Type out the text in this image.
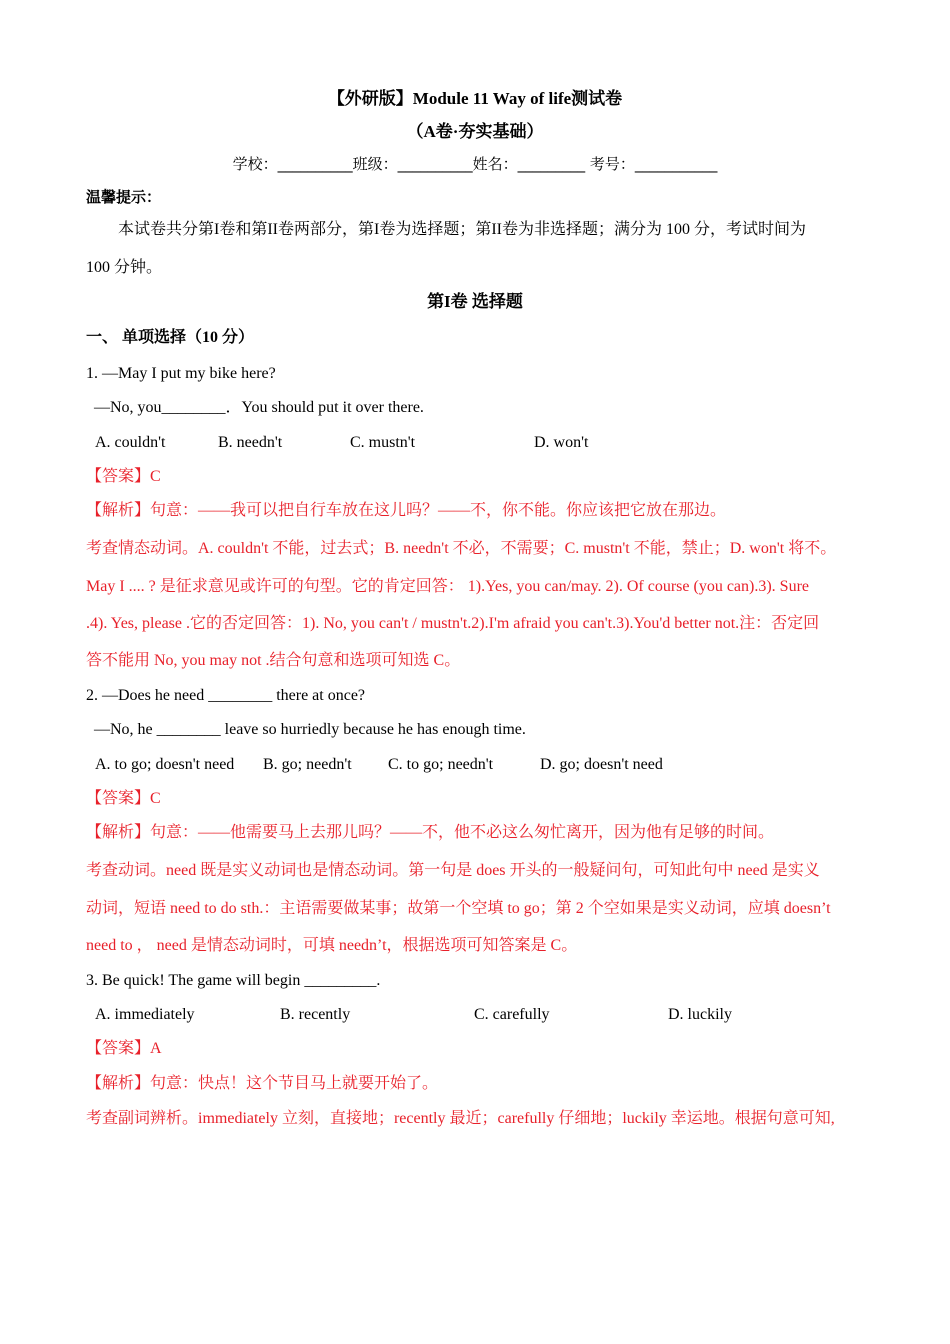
【外研版】Module 11 Way of life测试卷
（A卷·夯实基础）
学校：__________班级：__________姓名：_________ 考号：___________
温馨提示：
本试卷共分第I卷和第II卷两部分，第I卷为选择题；第II卷为非选择题；满分为 100 分，考试时间为
100 分钟。
第I卷 选择题
一、 单项选择（10 分）
1. —May I put my bike here?
—No, you________．You should put it over there.
A. couldn't	B. needn't	C. mustn't	D. won't
【答案】C
【解析】句意：——我可以把自行车放在这儿吗？——不，你不能。你应该把它放在那边。
考查情态动词。A. couldn't 不能，过去式；B. needn't 不必，不需要；C. mustn't 不能，禁止；D. won't 将不。
May I .... ? 是征求意见或许可的句型。它的肯定回答： 1).Yes, you can/may. 2). Of course (you can).3). Sure
.4). Yes, please .它的否定回答：1). No, you can't / mustn't.2).I'm afraid you can't.3).You'd better not.注：否定回
答不能用 No, you may not .结合句意和选项可知选 C。
2. —Does he need ________ there at once?
—No, he ________ leave so hurriedly because he has enough time.
A. to go; doesn't need B. go; needn't C. to go; needn't	D. go; doesn't need
【答案】C
【解析】句意：——他需要马上去那儿吗？——不，他不必这么匆忙离开，因为他有足够的时间。
考查动词。need 既是实义动词也是情态动词。第一句是 does 开头的一般疑问句，可知此句中 need 是实义
动词，短语 need to do sth.：主语需要做某事；故第一个空填 to go；第 2 个空如果是实义动词，应填 doesn’t
need to ， need 是情态动词时，可填 needn’t，根据选项可知答案是 C。
3. Be quick! The game will begin _________.
A. immediately	B. recently	C. carefully	D. luckily
【答案】A
【解析】句意：快点！这个节目马上就要开始了。
考查副词辨析。immediately 立刻，直接地；recently 最近；carefully 仔细地；luckily 幸运地。根据句意可知,
